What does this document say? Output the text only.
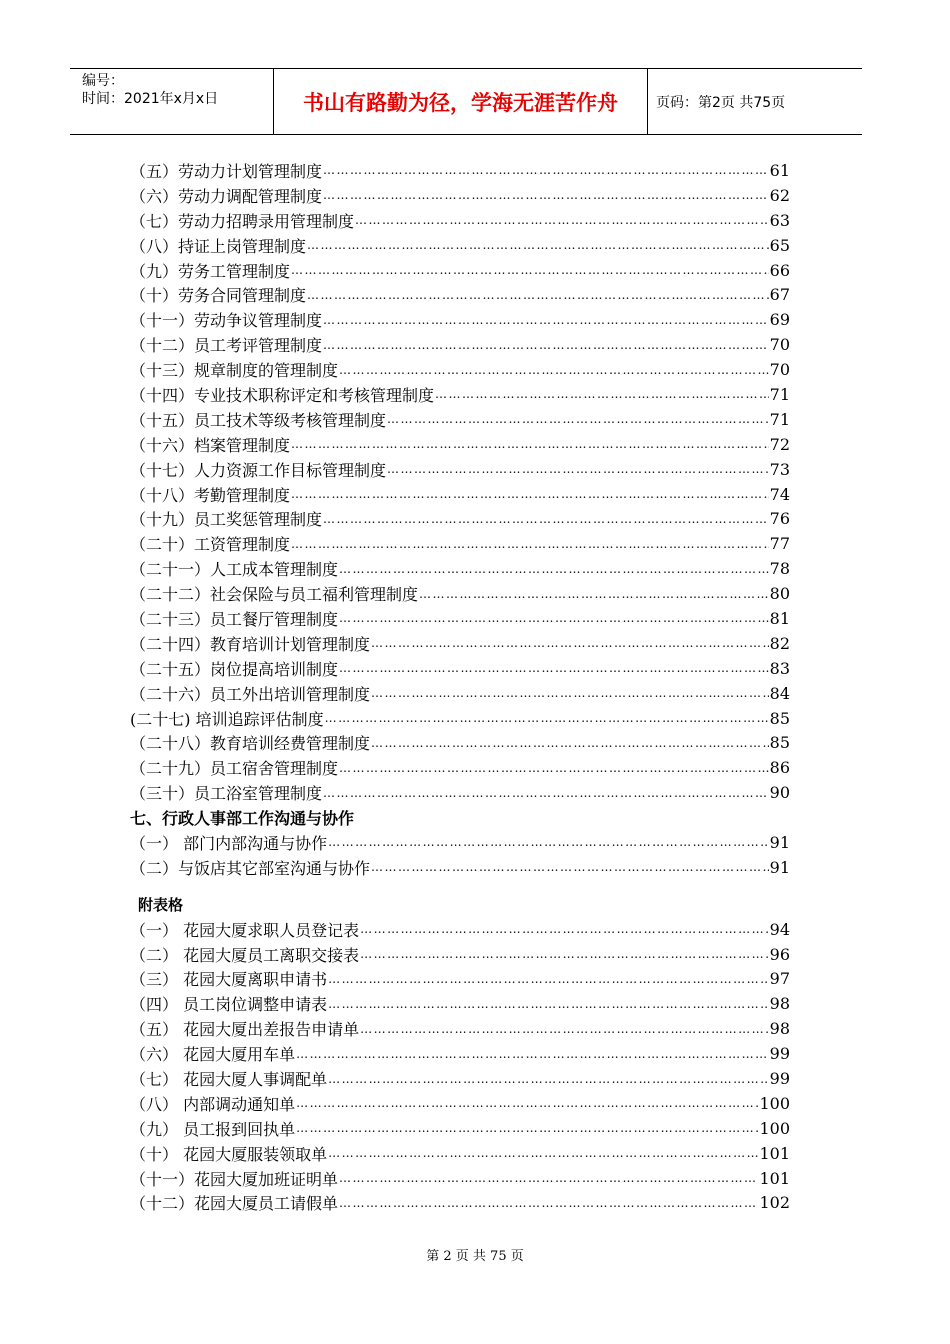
编号：
时间：2021年x月x日	书山有路勤为径，学海无涯苦作舟	页码：第2页 共75页
（五）劳动力计划管理制度 …………………………………………………………………………………………………………………………………………………………………………………………………………………	61
（六）劳动力调配管理制度 …………………………………………………………………………………………………………………………………………………………………………………………………………………	62
（七）劳动力招聘录用管理制度 …………………………………………………………………………………………………………………………………………………………………………………………………………………	63
（八）持证上岗管理制度 …………………………………………………………………………………………………………………………………………………………………………………………………………………	65
（九）劳务工管理制度 …………………………………………………………………………………………………………………………………………………………………………………………………………………	66
（十）劳务合同管理制度 …………………………………………………………………………………………………………………………………………………………………………………………………………………	67
（十一）劳动争议管理制度 …………………………………………………………………………………………………………………………………………………………………………………………………………………	69
（十二）员工考评管理制度 …………………………………………………………………………………………………………………………………………………………………………………………………………………	70
（十三）规章制度的管理制度 …………………………………………………………………………………………………………………………………………………………………………………………………………………	70
（十四）专业技术职称评定和考核管理制度 …………………………………………………………………………………………………………………………………………………………………………………………………………………	71
（十五）员工技术等级考核管理制度 …………………………………………………………………………………………………………………………………………………………………………………………………………………	71
（十六）档案管理制度 …………………………………………………………………………………………………………………………………………………………………………………………………………………	72
（十七）人力资源工作目标管理制度 …………………………………………………………………………………………………………………………………………………………………………………………………………………	73
（十八）考勤管理制度 …………………………………………………………………………………………………………………………………………………………………………………………………………………	74
（十九）员工奖惩管理制度 …………………………………………………………………………………………………………………………………………………………………………………………………………………	76
（二十）工资管理制度 …………………………………………………………………………………………………………………………………………………………………………………………………………………	77
（二十一）人工成本管理制度 …………………………………………………………………………………………………………………………………………………………………………………………………………………	78
（二十二）社会保险与员工福利管理制度 …………………………………………………………………………………………………………………………………………………………………………………………………………………	80
（二十三）员工餐厅管理制度 …………………………………………………………………………………………………………………………………………………………………………………………………………………	81
（二十四）教育培训计划管理制度 …………………………………………………………………………………………………………………………………………………………………………………………………………………	82
（二十五）岗位提高培训制度 …………………………………………………………………………………………………………………………………………………………………………………………………………………	83
（二十六）员工外出培训管理制度 …………………………………………………………………………………………………………………………………………………………………………………………………………………	84
(二十七) 培训追踪评估制度 …………………………………………………………………………………………………………………………………………………………………………………………………………………	85
（二十八）教育培训经费管理制度 …………………………………………………………………………………………………………………………………………………………………………………………………………………	85
（二十九）员工宿舍管理制度 …………………………………………………………………………………………………………………………………………………………………………………………………………………	86
（三十）员工浴室管理制度 …………………………………………………………………………………………………………………………………………………………………………………………………………………	90
七、行政人事部工作沟通与协作
（一） 部门内部沟通与协作 …………………………………………………………………………………………………………………………………………………………………………………………………………………	91
（二）与饭店其它部室沟通与协作 …………………………………………………………………………………………………………………………………………………………………………………………………………………	91
附表格
（一） 花园大厦求职人员登记表 …………………………………………………………………………………………………………………………………………………………………………………………………………………	94
（二） 花园大厦员工离职交接表 …………………………………………………………………………………………………………………………………………………………………………………………………………………	96
（三） 花园大厦离职申请书 …………………………………………………………………………………………………………………………………………………………………………………………………………………	97
（四） 员工岗位调整申请表 …………………………………………………………………………………………………………………………………………………………………………………………………………………	98
（五） 花园大厦出差报告申请单 …………………………………………………………………………………………………………………………………………………………………………………………………………………	98
（六） 花园大厦用车单 …………………………………………………………………………………………………………………………………………………………………………………………………………………	99
（七） 花园大厦人事调配单 …………………………………………………………………………………………………………………………………………………………………………………………………………………	99
（八） 内部调动通知单 …………………………………………………………………………………………………………………………………………………………………………………………………………………	100
（九） 员工报到回执单 …………………………………………………………………………………………………………………………………………………………………………………………………………………	100
（十） 花园大厦服装领取单 …………………………………………………………………………………………………………………………………………………………………………………………………………………	101
（十一）花园大厦加班证明单 …………………………………………………………………………………………………………………………………………………………………………………………………………………	101
（十二）花园大厦员工请假单 …………………………………………………………………………………………………………………………………………………………………………………………………………………	102
第 2 页 共 75 页
